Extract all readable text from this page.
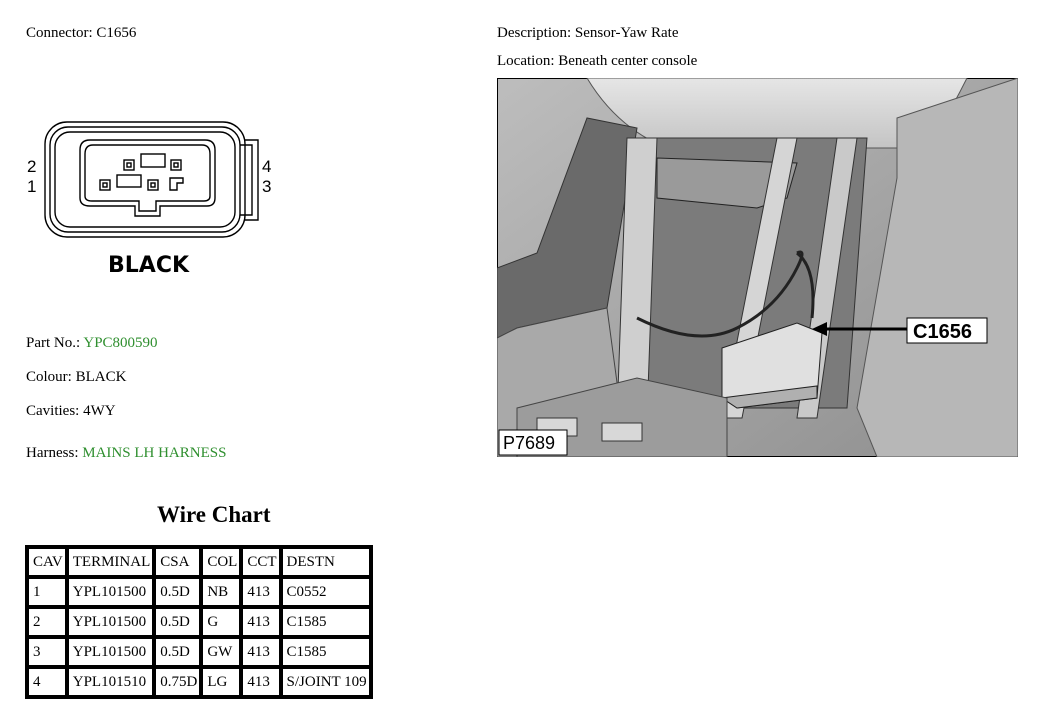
Connector: C1656	Description: Sensor-Yaw Rate
Location: Beneath center console
2
1
4
3
BLACK
C1656
P7689
Part No.: YPC800590
Colour: BLACK
Cavities: 4WY
Harness: MAINS LH HARNESS
Wire Chart
CAV	TERMINAL	CSA	COL	CCT	DESTN
1	YPL101500	0.5D	NB	413	C0552
2	YPL101500	0.5D	G	413	C1585
3	YPL101500	0.5D	GW	413	C1585
4	YPL101510	0.75D	LG	413	S/JOINT 109
